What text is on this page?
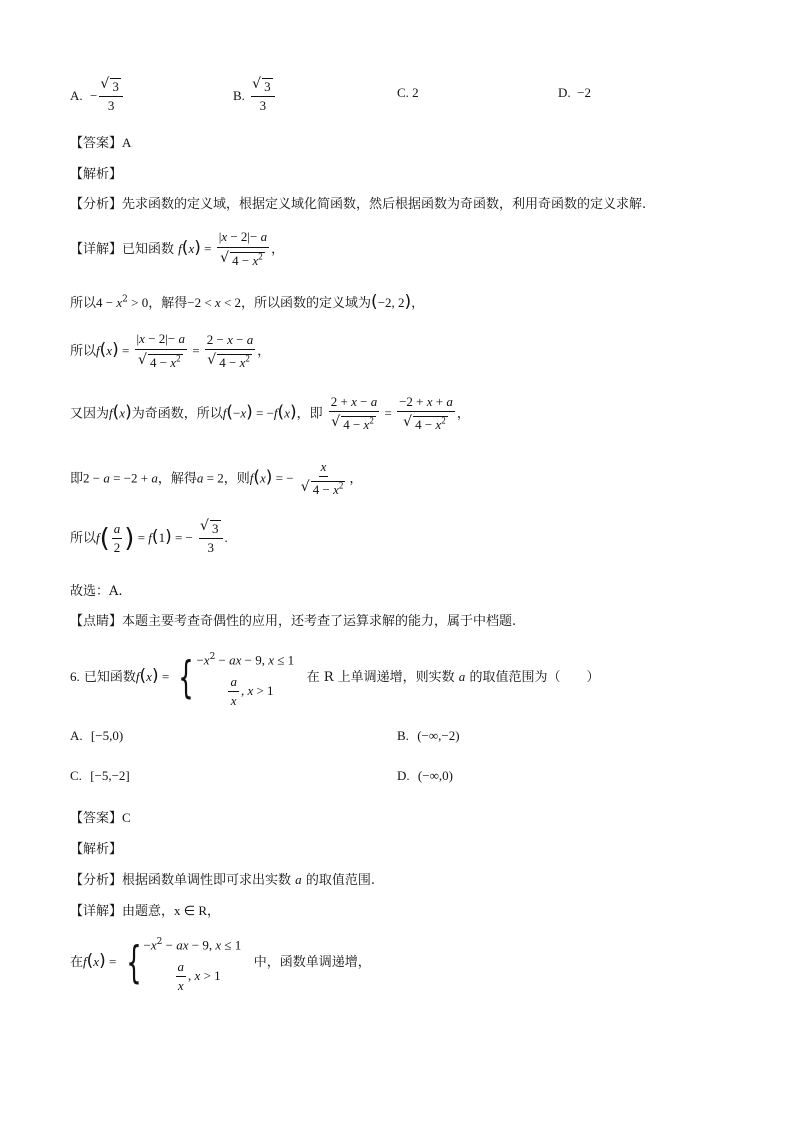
A.  − √ $\frac{3}{3}$	B. √ $\frac{3}{3}$	C. 2	D. −2
【答案】A
【解析】
【分析】先求函数的定义域，根据定义域化简函数，然后根据函数为奇函数，利用奇函数的定义求解.
【详解】已知函数 f(x) = |x − 2|− a
√ $4 - x^2$ ，
所以$4 - x^2 > 0$，解得−2 < x < 2，所以函数的定义域为(−2, 2)，
所以f(x) = |x − 2|− a
√ $4 - x^2 = 2 - x - a$
√ $4 - x^2$ ，
又因为f(x)为奇函数，所以f(−x) = −f(x)，即 2 + x − a
√ $4 - x^2 = -2 + x + a$
√ $4 - x^2$ ，
即2 − a = −2 + a，解得a = 2，则f(x) = − x
√ $4 - x^2$ ，
所以$f( \frac{a}{2}$ ) = f(1) = − √ $\frac{3}{3}$ .
故选：A.
【点睛】本题主要考查奇偶性的应用，还考查了运算求解的能力，属于中档题.
6. 已知函数f(x) = { $-x^2$ − ax − 9, x ≤ 1
$\frac{a}{x}$ , x > 1
在 R 上单调递增，则实数 a 的取值范围为（　　）
A. [−5,0)	B. (−∞,−2)
C. [−5,−2]	D. (−∞,0)
【答案】C
【解析】
【分析】根据函数单调性即可求出实数 a 的取值范围.
【详解】由题意，x ∈ R，
在f(x) = { $-x^2$ − ax − 9, x ≤ 1
$\frac{a}{x}$ , x > 1
中，函数单调递增，
